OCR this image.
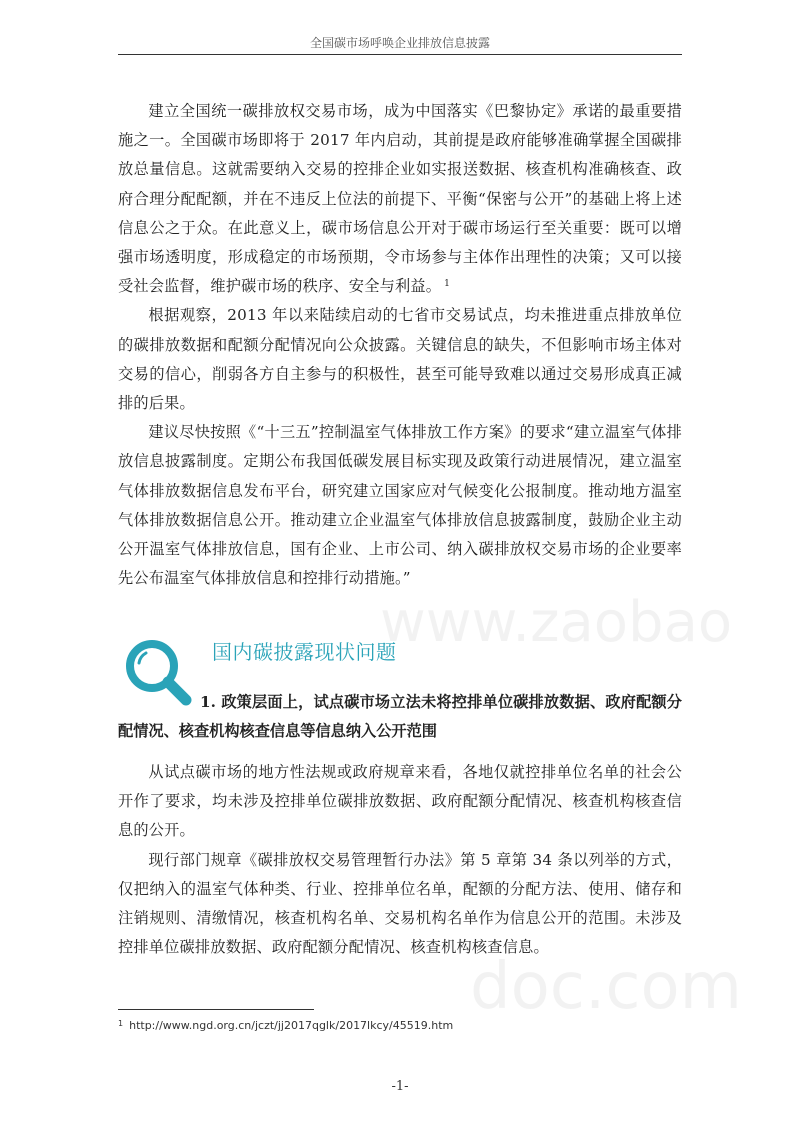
全国碳市场呼唤企业排放信息披露

建立全国统一碳排放权交易市场，成为中国落实《巴黎协定》承诺的最重要措施之一。全国碳市场即将于 2017 年内启动，其前提是政府能够准确掌握全国碳排放总量信息。这就需要纳入交易的控排企业如实报送数据、核查机构准确核查、政府合理分配配额，并在不违反上位法的前提下、平衡“保密与公开”的基础上将上述信息公之于众。在此意义上，碳市场信息公开对于碳市场运行至关重要：既可以增强市场透明度，形成稳定的市场预期，令市场参与主体作出理性的决策；又可以接受社会监督，维护碳市场的秩序、安全与利益。 $^1$

根据观察，2013 年以来陆续启动的七省市交易试点，均未推进重点排放单位的碳排放数据和配额分配情况向公众披露。关键信息的缺失，不但影响市场主体对交易的信心，削弱各方自主参与的积极性，甚至可能导致难以通过交易形成真正减排的后果。

建议尽快按照《“十三五”控制温室气体排放工作方案》的要求“建立温室气体排放信息披露制度。定期公布我国低碳发展目标实现及政策行动进展情况，建立温室气体排放数据信息发布平台，研究建立国家应对气候变化公报制度。推动地方温室气体排放数据信息公开。推动建立企业温室气体排放信息披露制度，鼓励企业主动公开温室气体排放信息，国有企业、上市公司、纳入碳排放权交易市场的企业要率先公布温室气体排放信息和控排行动措施。”

国内碳披露现状问题

1. 政策层面上，试点碳市场立法未将控排单位碳排放数据、政府配额分配情况、核查机构核查信息等信息纳入公开范围

从试点碳市场的地方性法规或政府规章来看，各地仅就控排单位名单的社会公开作了要求，均未涉及控排单位碳排放数据、政府配额分配情况、核查机构核查信息的公开。

现行部门规章《碳排放权交易管理暂行办法》第 5 章第 34 条以列举的方式，仅把纳入的温室气体种类、行业、控排单位名单，配额的分配方法、使用、储存和注销规则、清缴情况，核查机构名单、交易机构名单作为信息公开的范围。未涉及控排单位碳排放数据、政府配额分配情况、核查机构核查信息。

www.zaobao
doc.com
$^1$ http://www.ngd.org.cn/jczt/jj2017qglk/2017lkcy/45519.htm
-1-
